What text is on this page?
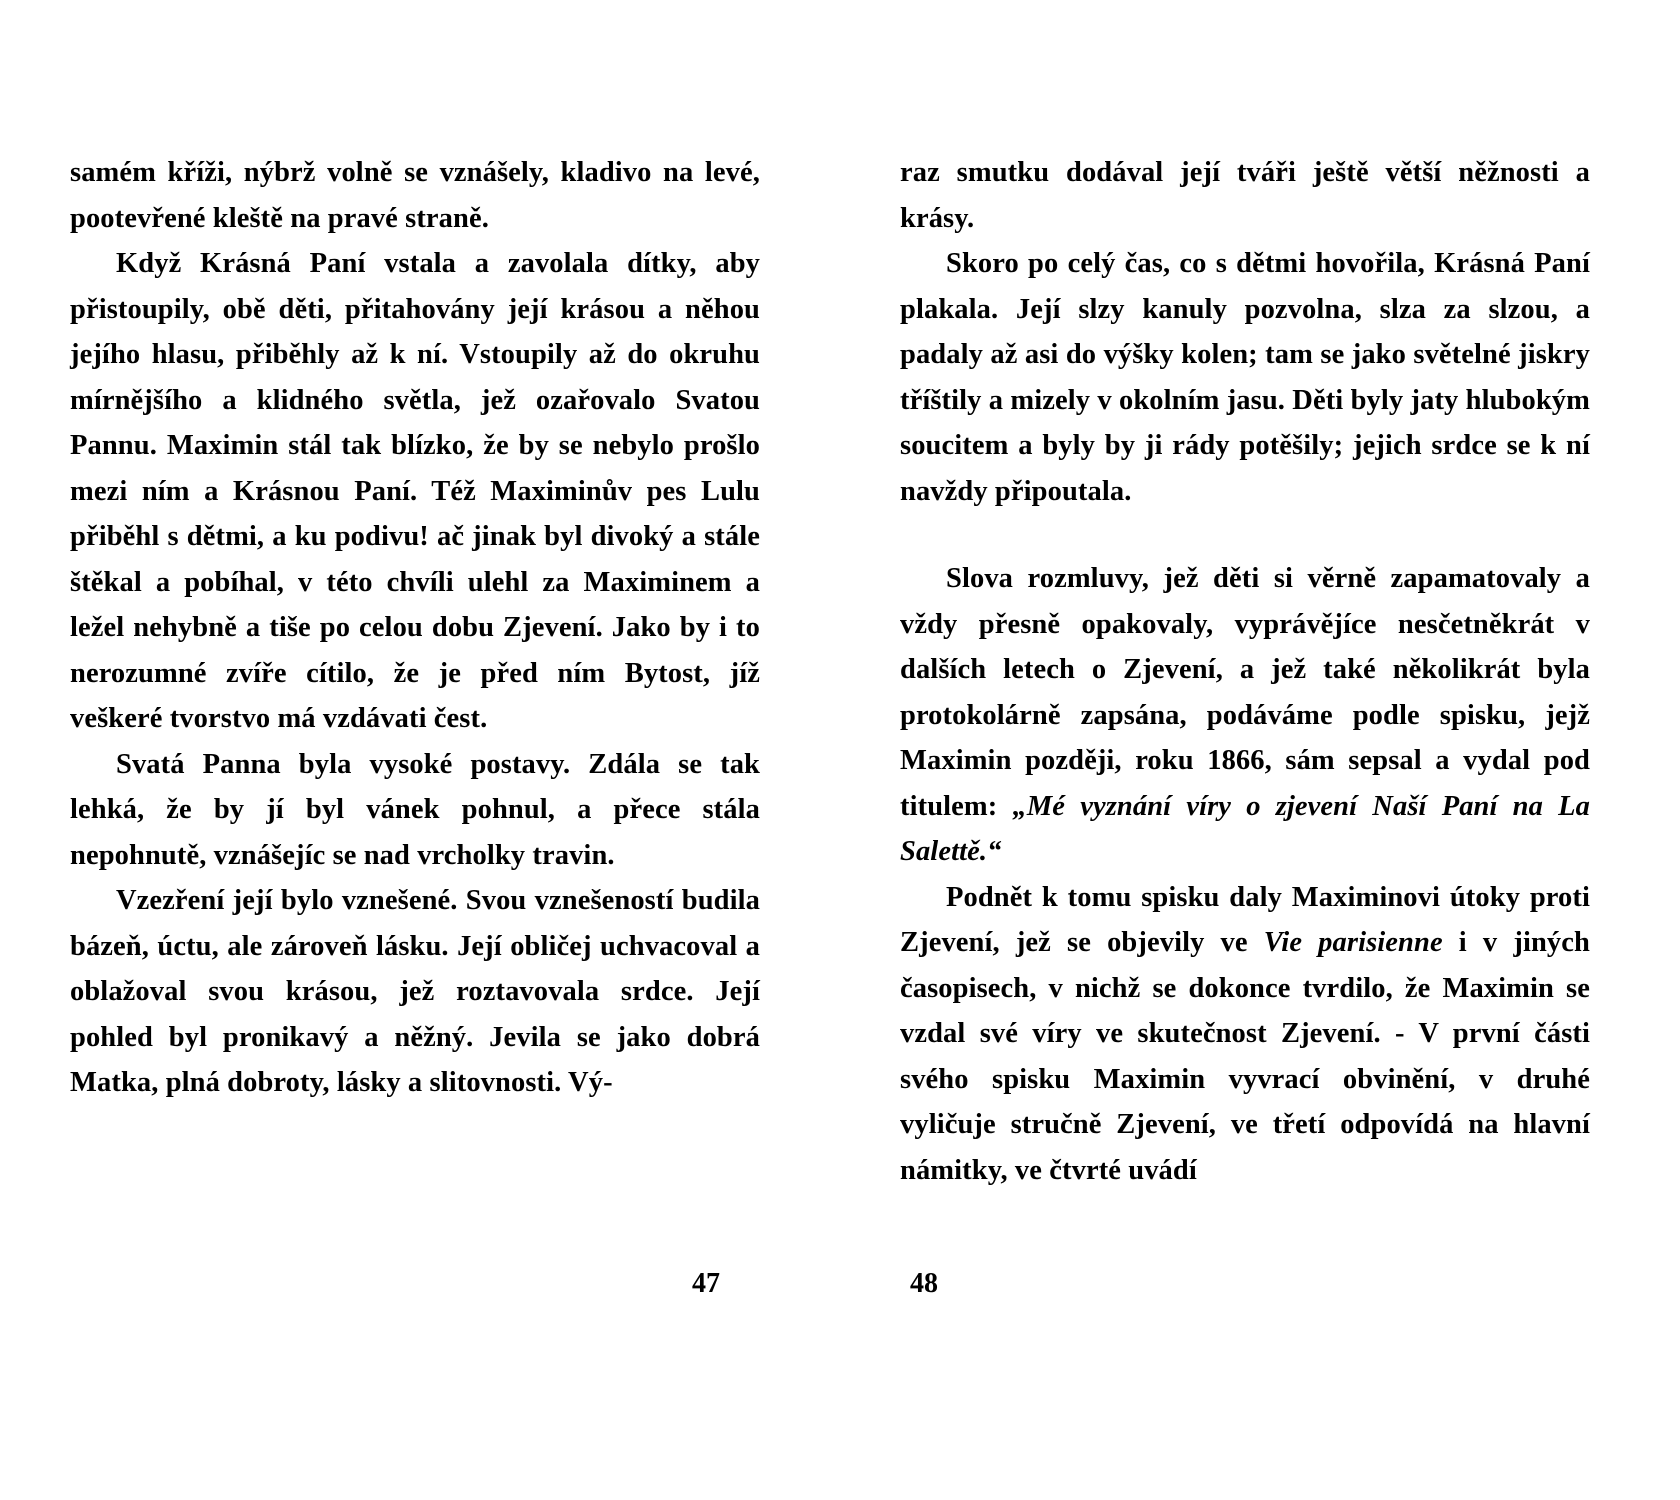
samém kříži, nýbrž volně se vznášely, kladivo na levé, pootevřené kleště na pravé straně.

Když Krásná Paní vstala a zavolala dítky, aby přistoupily, obě děti, přitahovány její krásou a něhou jejího hlasu, přiběhly až k ní. Vstoupily až do okruhu mírnějšího a klidného světla, jež ozařovalo Svatou Pannu. Maximin stál tak blízko, že by se nebylo prošlo mezi ním a Krásnou Paní. Též Maximinův pes Lulu přiběhl s dětmi, a ku podivu! ač jinak byl divoký a stále štěkal a pobíhal, v této chvíli ulehl za Maximinem a ležel nehybně a tiše po celou dobu Zjevení. Jako by i to nerozumné zvíře cítilo, že je před ním Bytost, jíž veškeré tvorstvo má vzdávati čest.

Svatá Panna byla vysoké postavy. Zdála se tak lehká, že by jí byl vánek pohnul, a přece stála nepohnutě, vznášejíc se nad vrcholky travin.

Vzezření její bylo vznešené. Svou vznešeností budila bázeň, úctu, ale zároveň lásku. Její obličej uchvacoval a oblažoval svou krásou, jež roztavovala srdce. Její pohled byl pronikavý a něžný. Jevila se jako dobrá Matka, plná dobroty, lásky a slitovnosti. Vý-

47

raz smutku dodával její tváři ještě větší něžnosti a krásy.

Skoro po celý čas, co s dětmi hovořila, Krásná Paní plakala. Její slzy kanuly pozvolna, slza za slzou, a padaly až asi do výšky kolen; tam se jako světelné jiskry tříštily a mizely v okolním jasu. Děti byly jaty hlubokým soucitem a byly by ji rády potěšily; jejich srdce se k ní navždy připoutala.

Slova rozmluvy, jež děti si věrně zapamatovaly a vždy přesně opakovaly, vyprávějíce nesčetněkrát v dalších letech o Zjevení, a jež také několikrát byla protokolárně zapsána, podáváme podle spisku, jejž Maximin později, roku 1866, sám sepsal a vydal pod titulem: „Mé vyznání víry o zjevení Naší Paní na La Salettě.“

Podnět k tomu spisku daly Maximinovi útoky proti Zjevení, jež se objevily ve Vie parisienne i v jiných časopisech, v nichž se dokonce tvrdilo, že Maximin se vzdal své víry ve skutečnost Zjevení. - V první části svého spisku Maximin vyvrací obvinění, v druhé vyličuje stručně Zjevení, ve třetí odpovídá na hlavní námitky, ve čtvrté uvádí

48
